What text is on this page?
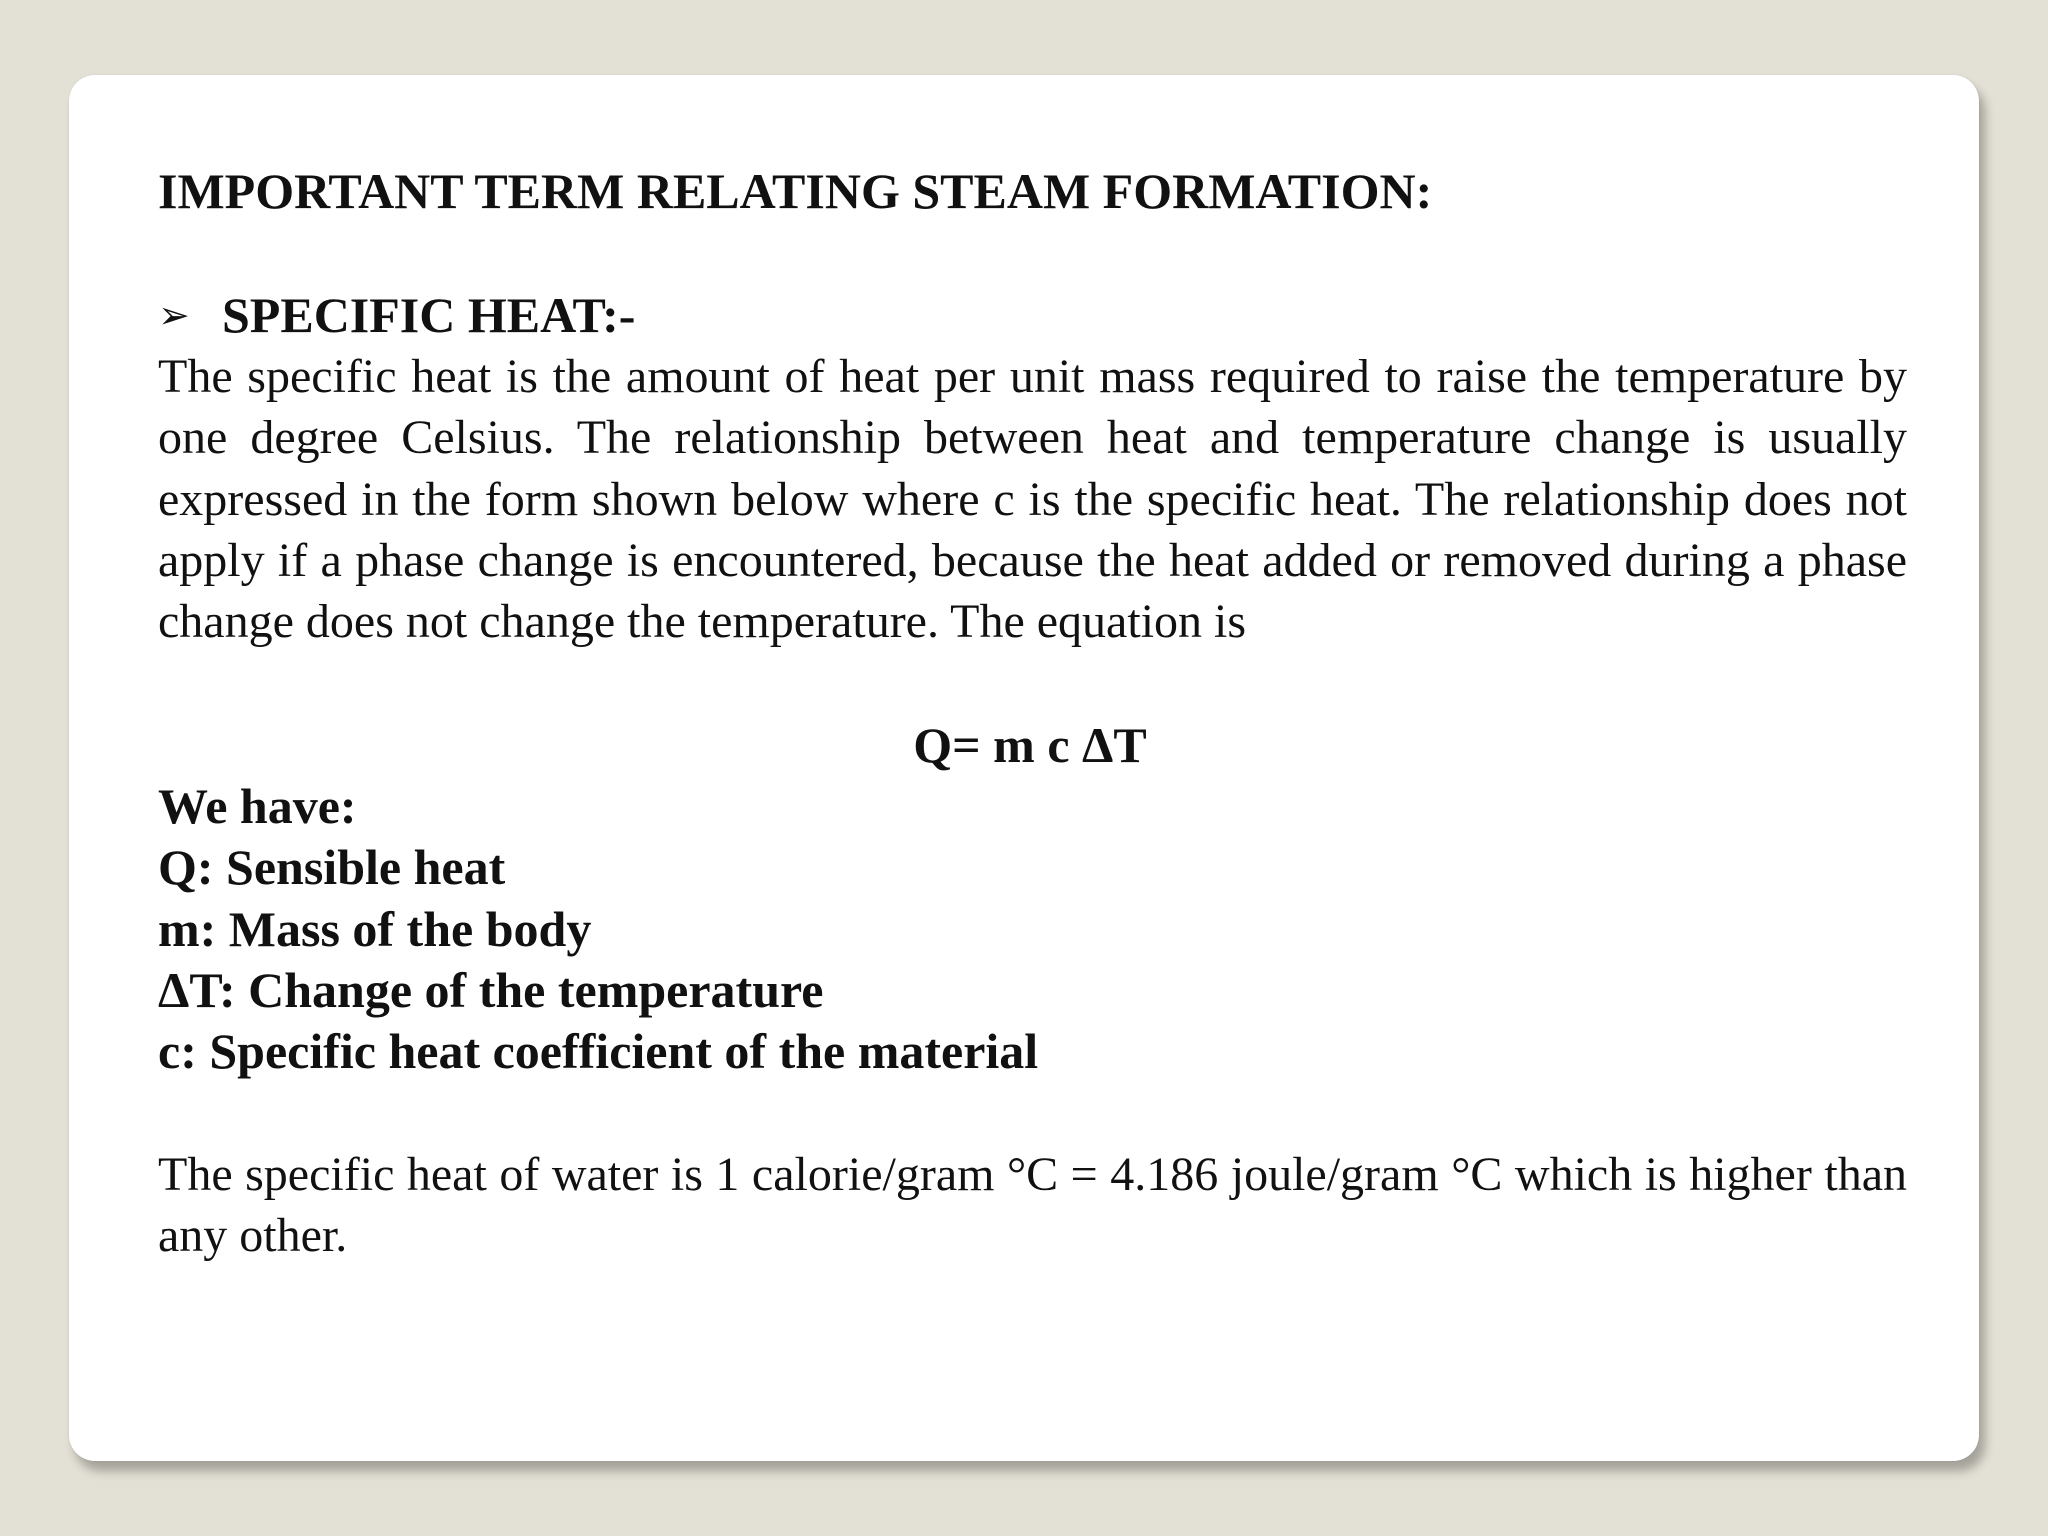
IMPORTANT TERM RELATING STEAM FORMATION:
➢ SPECIFIC HEAT:-
The specific heat is the amount of heat per unit mass required to raise the temperature by one degree Celsius. The relationship between heat and temperature change is usually expressed in the form shown below where c is the specific heat. The relationship does not apply if a phase change is encountered, because the heat added or removed during a phase change does not change the temperature. The equation is
Q= m c ΔT
We have:
Q: Sensible heat
m: Mass of the body
ΔT: Change of the temperature
c: Specific heat coefficient of the material
The specific heat of water is 1 calorie/gram °C = 4.186 joule/gram °C which is higher than any other.
